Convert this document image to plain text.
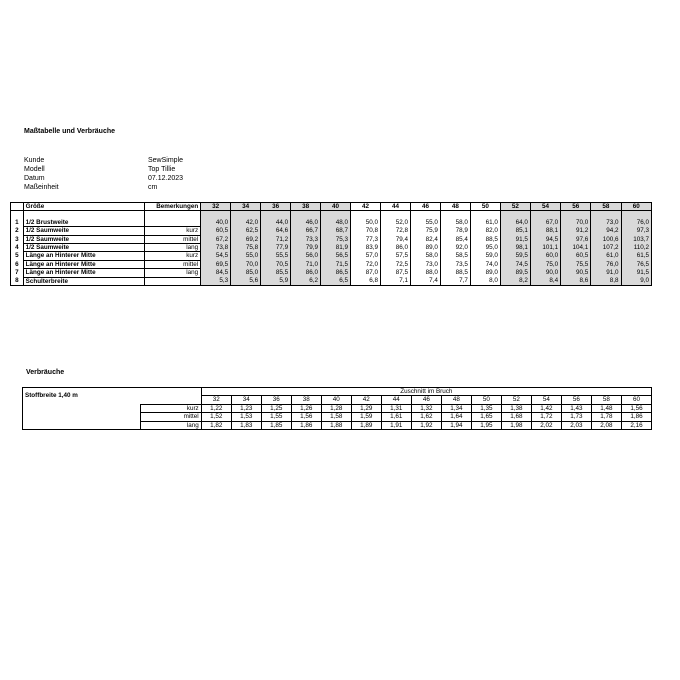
Maßtabelle und Verbräuche
Kunde	SewSimple
Modell	Top Tillie
Datum	07.12.2023
Maßeinheit	cm
	Größe	Bemerkungen	32	34	36	38	40	42	44	46	48	50	52	54	56	58	60

1	1/2 Brustweite		40,0	42,0	44,0	46,0	48,0	50,0	52,0	55,0	58,0	61,0	64,0	67,0	70,0	73,0	76,0
2	1/2 Saumweite	kurz	60,5	62,5	64,6	66,7	68,7	70,8	72,8	75,9	78,9	82,0	85,1	88,1	91,2	94,2	97,3
3	1/2 Saumweite	mittel	67,2	69,2	71,2	73,3	75,3	77,3	79,4	82,4	85,4	88,5	91,5	94,5	97,6	100,6	103,7
4	1/2 Saumweite	lang	73,8	75,8	77,9	79,9	81,9	83,9	86,0	89,0	92,0	95,0	98,1	101,1	104,1	107,2	110,2
5	Länge an Hinterer Mitte	kurz	54,5	55,0	55,5	56,0	56,5	57,0	57,5	58,0	58,5	59,0	59,5	60,0	60,5	61,0	61,5
6	Länge an Hinterer Mitte	mittel	69,5	70,0	70,5	71,0	71,5	72,0	72,5	73,0	73,5	74,0	74,5	75,0	75,5	76,0	76,5
7	Länge an Hinterer Mitte	lang	84,5	85,0	85,5	86,0	86,5	87,0	87,5	88,0	88,5	89,0	89,5	90,0	90,5	91,0	91,5
8	Schulterbreite		5,3	5,6	5,9	6,2	6,5	6,8	7,1	7,4	7,7	8,0	8,2	8,4	8,6	8,8	9,0
Verbräuche
Stoffbreite 1,40 m		Zuschnitt im Bruch														
		32	34	36	38	40	42	44	46	48	50	52	54	56	58	60
	kurz	1,22	1,23	1,25	1,26	1,28	1,29	1,31	1,32	1,34	1,35	1,38	1,42	1,43	1,48	1,56
	mittel	1,52	1,53	1,55	1,56	1,58	1,59	1,61	1,62	1,64	1,65	1,68	1,72	1,73	1,78	1,86
	lang	1,82	1,83	1,85	1,86	1,88	1,89	1,91	1,92	1,94	1,95	1,98	2,02	2,03	2,08	2,16
